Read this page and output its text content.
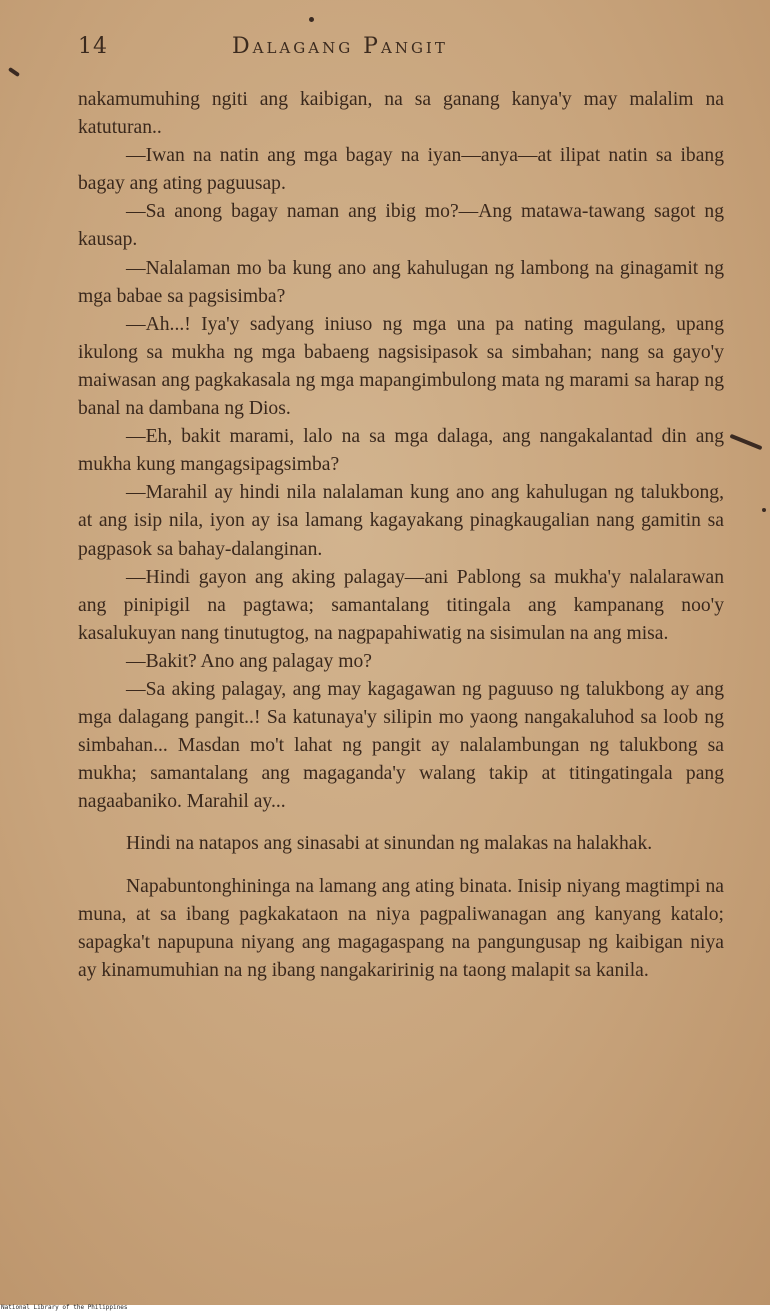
14	Dalagang Pangit

nakamumuhing ngiti ang kaibigan, na sa ganang kanya'y may malalim na katuturan..

—Iwan na natin ang mga bagay na iyan—anya—at ilipat natin sa ibang bagay ang ating paguusap.

—Sa anong bagay naman ang ibig mo?—Ang matawa-tawang sagot ng kausap.

—Nalalaman mo ba kung ano ang kahulugan ng lambong na ginagamit ng mga babae sa pagsisimba?

—Ah...! Iya'y sadyang iniuso ng mga una pa nating magulang, upang ikulong sa mukha ng mga babaeng nagsisipasok sa simbahan; nang sa gayo'y maiwasan ang pagkakasala ng mga mapangimbulong mata ng marami sa harap ng banal na dambana ng Dios.

—Eh, bakit marami, lalo na sa mga dalaga, ang nangakalantad din ang mukha kung mangagsipagsimba?

—Marahil ay hindi nila nalalaman kung ano ang kahulugan ng talukbong, at ang isip nila, iyon ay isa lamang kagayakang pinagkaugalian nang gamitin sa pagpasok sa bahay-dalanginan.

—Hindi gayon ang aking palagay—ani Pablong sa mukha'y nalalarawan ang pinipigil na pagtawa; samantalang titingala ang kampanang noo'y kasalukuyan nang tinutugtog, na nagpapahiwatig na sisimulan na ang misa.

—Bakit? Ano ang palagay mo?

—Sa aking palagay, ang may kagagawan ng paguuso ng talukbong ay ang mga dalagang pangit..! Sa katunaya'y silipin mo yaong nangakaluhod sa loob ng simbahan... Masdan mo't lahat ng pangit ay nalalambungan ng talukbong sa mukha; samantalang ang magaganda'y walang takip at titingatingala pang nagaabaniko. Marahil ay...

Hindi na natapos ang sinasabi at sinundan ng malakas na halakhak.

Napabuntonghininga na lamang ang ating binata. Inisip niyang magtimpi na muna, at sa ibang pagkakataon na niya pagpaliwanagan ang kanyang katalo; sapagka't napupuna niyang ang magagaspang na pangungusap ng kaibigan niya ay kinamumuhian na ng ibang nangakaririnig na taong malapit sa kanila.

National Library of the Philippines
